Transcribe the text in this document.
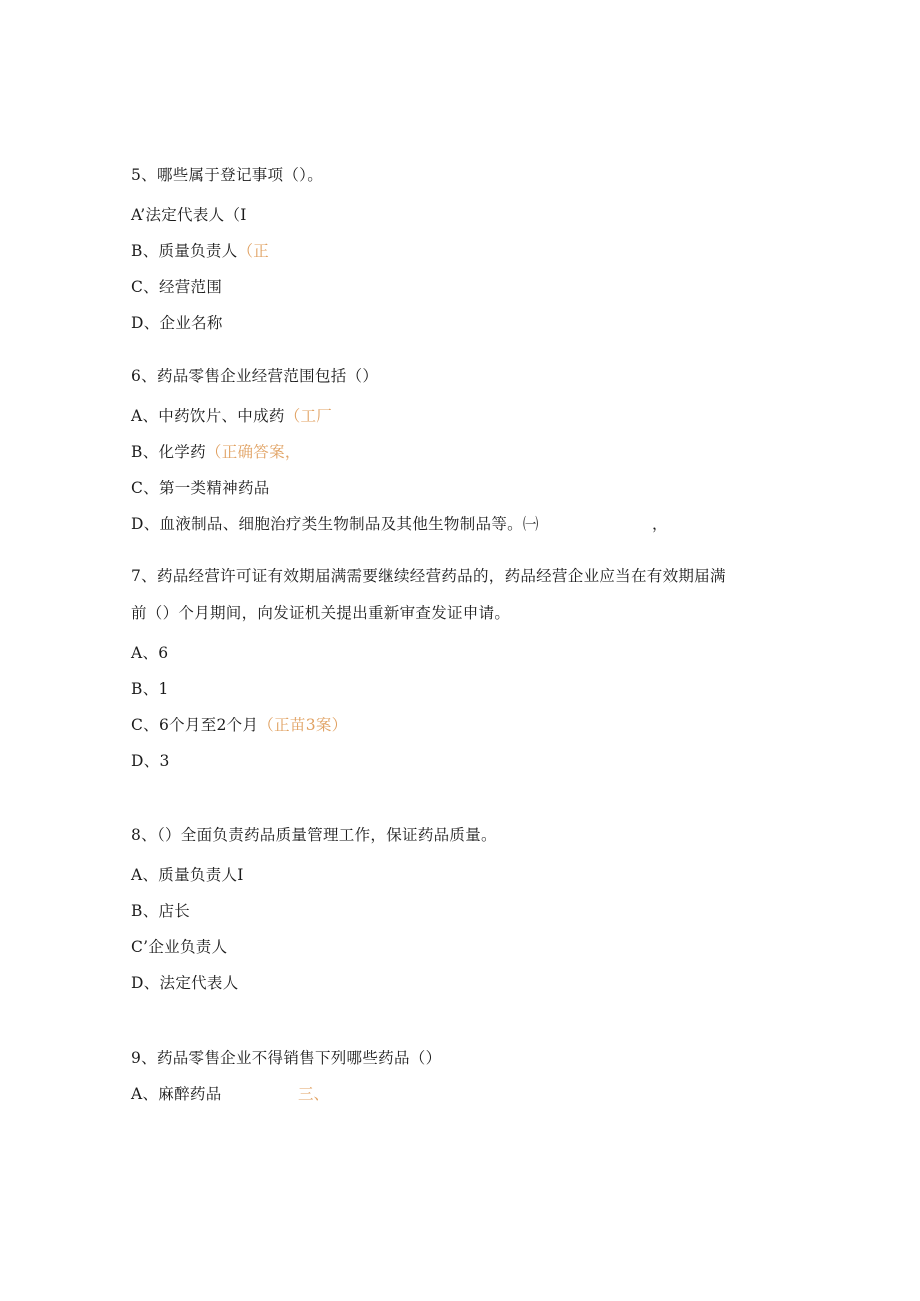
5、哪些属于登记事项（）。
A’法定代表人（I
B、质量负责人（正
C、经营范围
D、企业名称
6、药品零售企业经营范围包括（）
A、中药饮片、中成药（工厂
B、化学药（正确答案，
C、第一类精神药品
D、血液制品、细胞治疗类生物制品及其他生物制品等。㈠	，
7、药品经营许可证有效期届满需要继续经营药品的，药品经营企业应当在有效期届满
前（）个月期间，向发证机关提出重新审查发证申请。
A、6
B、1
C、6个月至2个月（正苗3案）
D、3
8、（）全面负责药品质量管理工作，保证药品质量。
A、质量负责人I
B、店长
C’企业负责人
D、法定代表人
9、药品零售企业不得销售下列哪些药品（）
A、麻醉药品	三、
